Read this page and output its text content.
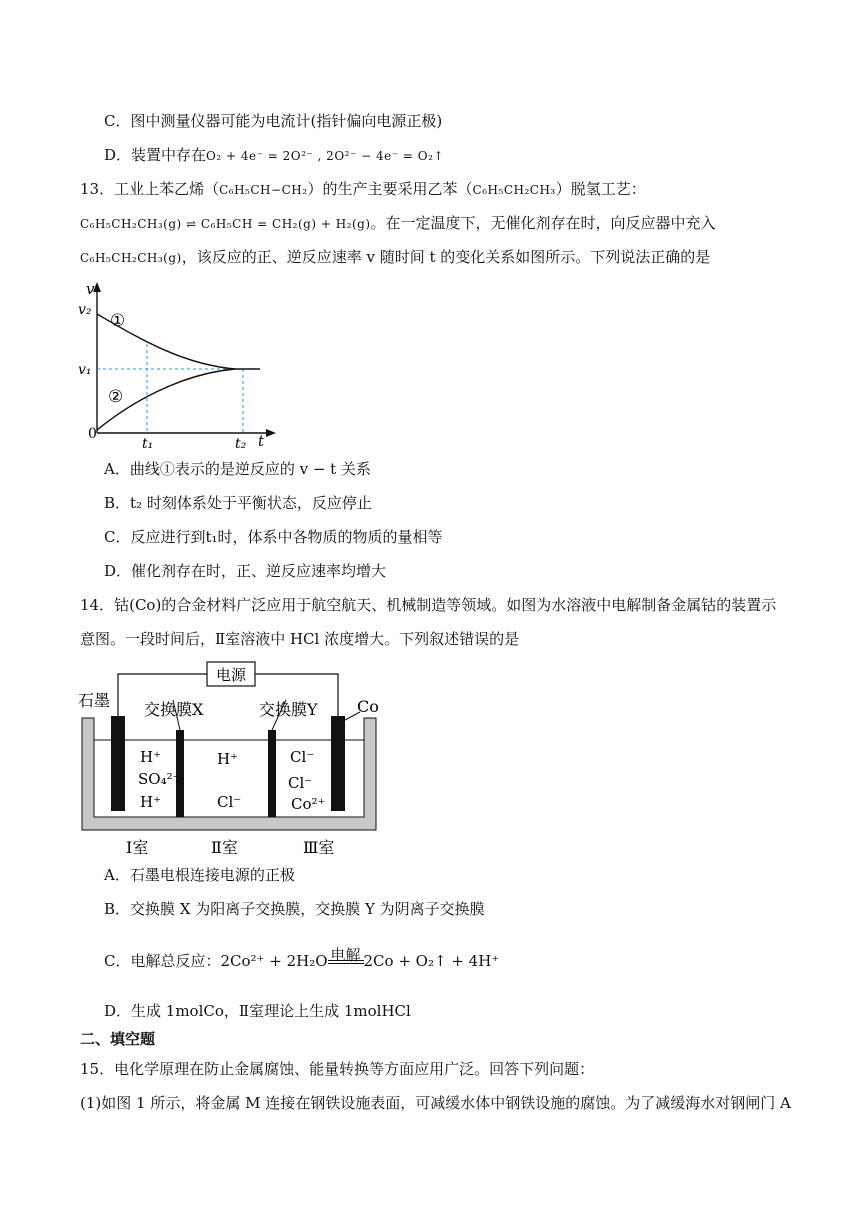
C．图中测量仪器可能为电流计(指针偏向电源正极)
D．装置中存在O₂ + 4e⁻ = 2O²⁻ , 2O²⁻ − 4e⁻ = O₂↑
13．工业上苯乙烯（C₆H₅CH−CH₂）的生产主要采用乙苯（C₆H₅CH₂CH₃）脱氢工艺：
C₆H₅CH₂CH₃(g) ⇌ C₆H₅CH = CH₂(g) + H₂(g)。在一定温度下，无催化剂存在时，向反应器中充入
C₆H₅CH₂CH₃(g)，该反应的正、逆反应速率 v 随时间 t 的变化关系如图所示。下列说法正确的是
v
v₂
v₁
0
t₁	t₂ t
①
②
A．曲线①表示的是逆反应的 v − t 关系
B．t₂ 时刻体系处于平衡状态，反应停止
C．反应进行到t₁时，体系中各物质的物质的量相等
D．催化剂存在时，正、逆反应速率均增大
14．钴(Co)的合金材料广泛应用于航空航天、机械制造等领域。如图为水溶液中电解制备金属钴的装置示
意图。一段时间后，Ⅱ室溶液中 HCl 浓度增大。下列叙述错误的是
电源
石墨 交换膜X	交换膜Y Co
H⁺
SO₄²⁻
H⁺
H⁺
Cl⁻
Cl⁻
Cl⁻
Co²⁺
Ⅰ室	Ⅱ室	Ⅲ室
A．石墨电根连接电源的正极
B．交换膜 X 为阳离子交换膜，交换膜 Y 为阴离子交换膜
C．电解总反应：2Co²⁺ + 2H₂O 电解 2Co + O₂↑ + 4H⁺
D．生成 1molCo，Ⅱ室理论上生成 1molHCl
二、填空题
15．电化学原理在防止金属腐蚀、能量转换等方面应用广泛。回答下列问题：
(1)如图 1 所示，将金属 M 连接在钢铁设施表面，可减缓水体中钢铁设施的腐蚀。为了减缓海水对钢闸门 A
